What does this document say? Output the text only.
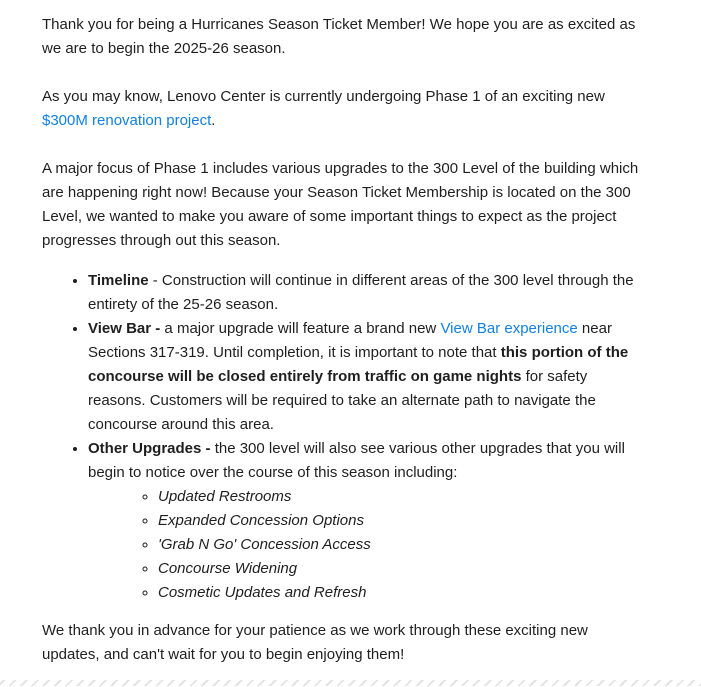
Thank you for being a Hurricanes Season Ticket Member! We hope you are as excited as we are to begin the 2025-26 season.

As you may know, Lenovo Center is currently undergoing Phase 1 of an exciting new $300M renovation project.

A major focus of Phase 1 includes various upgrades to the 300 Level of the building which are happening right now! Because your Season Ticket Membership is located on the 300 Level, we wanted to make you aware of some important things to expect as the project progresses through out this season.

• Timeline - Construction will continue in different areas of the 300 level through the entirety of the 25-26 season.
• View Bar - a major upgrade will feature a brand new View Bar experience near Sections 317-319. Until completion, it is important to note that this portion of the concourse will be closed entirely from traffic on game nights for safety reasons. Customers will be required to take an alternate path to navigate the concourse around this area.
• Other Upgrades - the 300 level will also see various other upgrades that you will begin to notice over the course of this season including:
◦ Updated Restrooms
◦ Expanded Concession Options
◦ 'Grab N Go' Concession Access
◦ Concourse Widening
◦ Cosmetic Updates and Refresh

We thank you in advance for your patience as we work through these exciting new updates, and can't wait for you to begin enjoying them!
